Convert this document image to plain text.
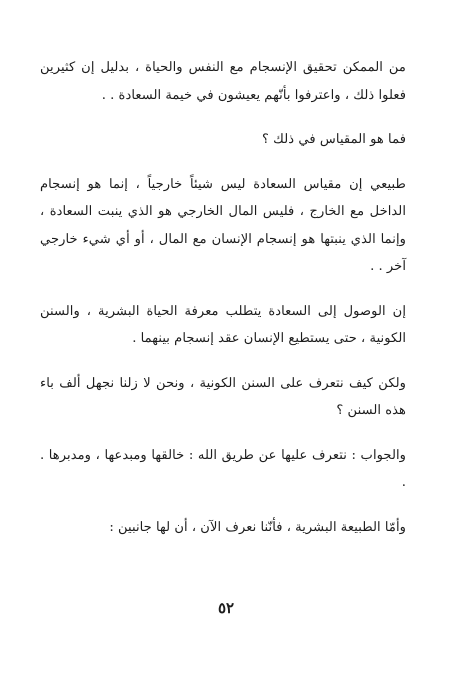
من الممكن تحقيق الإنسجام مع النفس والحياة ، بدليل إن كثيرين فعلوا ذلك ، واعترفوا بأنّهم يعيشون في خيمة السعادة . .

فما هو المقياس في ذلك ؟

طبيعي إن مقياس السعادة ليس شيئاً خارجياً ، إنما هو إنسجام الداخل مع الخارج ، فليس المال الخارجي هو الذي ينبت السعادة ، وإنما الذي ينبتها هو إنسجام الإنسان مع المال ، أو أي شيء خارجي آخر . .

إن الوصول إلى السعادة يتطلب معرفة الحياة البشرية ، والسنن الكونية ، حتى يستطيع الإنسان عقد إنسجام بينهما .

ولكن كيف نتعرف على السنن الكونية ، ونحن لا زلنا نجهل ألف باء هذه السنن ؟

والجواب : نتعرف عليها عن طريق الله : خالقها ومبدعها ، ومدبرها . .

وأمّا الطبيعة البشرية ، فأنّنا نعرف الآن ، أن لها جانبين :

٥٢
